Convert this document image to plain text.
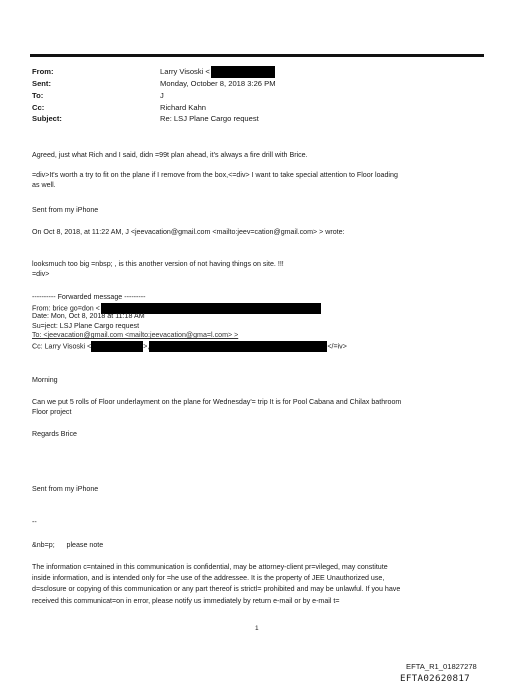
From:	Larry Visoski <
Sent:	Monday, October 8, 2018 3:26 PM
To:	J
Cc:	Richard Kahn
Subject:	Re: LSJ Plane Cargo request
Agreed, just what Rich and I said, didn =99t plan ahead, it's always a fire drill with Brice.
=div>It's worth a try to fit on the plane if I remove from the box,<=div> I want to take special attention to Floor loading
as well.
Sent from my iPhone
On Oct 8, 2018, at 11:22 AM, J <jeevacation@gmail.com <mailto:jeev=cation@gmail.com> > wrote:
looksmuch too big =nbsp; , is this another version of not having things on site. !!!
=div>
---------- Forwarded message ---------
From: brice go=don <
Date: Mon, Oct 8, 2018 at 11:18 AM
Su=ject: LSJ Plane Cargo request
To: <jeevacation@gmail.com <mailto:jeevacation@gma=l.com> >
Cc: Larry Visoski <	>,	</=iv>
Morning
Can we put 5 rolls of Floor underlayment on the plane for Wednesday'= trip It is for Pool Cabana and Chilax bathroom
Floor project
Regards Brice
Sent from my iPhone
--
&nb=p;      please note
The information c=ntained in this communication is confidential, may be attorney-client pr=vileged, may constitute
inside information, and is intended only for =he use of the addressee. It is the property of JEE Unauthorized use,
d=sclosure or copying of this communication or any part thereof is strictl= prohibited and may be unlawful. If you have
received this communicat=on in error, please notify us immediately by return e-mail or by e-mail t=
1
EFTA_R1_01827278
EFTA02620817
